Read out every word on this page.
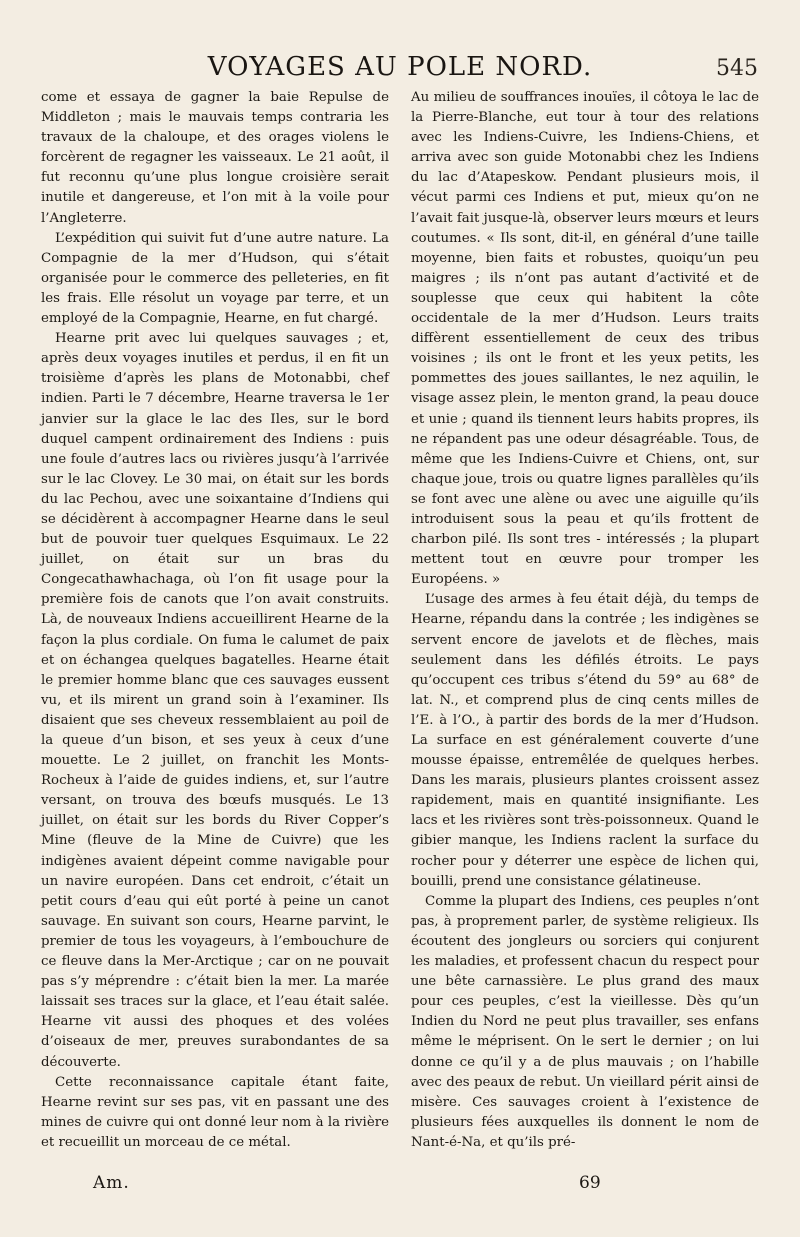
VOYAGES AU POLE NORD.	545

come et essaya de gagner la baie Repulse de Middleton ; mais le mauvais temps contraria les travaux de la chaloupe, et des orages violens le forcèrent de regagner les vaisseaux. Le 21 août, il fut reconnu qu’une plus longue croisière serait inutile et dangereuse, et l’on mit à la voile pour l’Angleterre.

L’expédition qui suivit fut d’une autre nature. La Compagnie de la mer d’Hudson, qui s’était organisée pour le commerce des pelleteries, en fit les frais. Elle résolut un voyage par terre, et un employé de la Compagnie, Hearne, en fut chargé.

Hearne prit avec lui quelques sauvages ; et, après deux voyages inutiles et perdus, il en fit un troisième d’après les plans de Motonabbi, chef indien. Parti le 7 décembre, Hearne traversa le 1er janvier sur la glace le lac des Iles, sur le bord duquel campent ordinairement des Indiens : puis une foule d’autres lacs ou rivières jusqu’à l’arrivée sur le lac Clovey. Le 30 mai, on était sur les bords du lac Pechou, avec une soixantaine d’Indiens qui se décidèrent à accompagner Hearne dans le seul but de pouvoir tuer quelques Esquimaux. Le 22 juillet, on était sur un bras du Congecathawhachaga, où l’on fit usage pour la première fois de canots que l’on avait construits. Là, de nouveaux Indiens accueillirent Hearne de la façon la plus cordiale. On fuma le calumet de paix et on échangea quelques bagatelles. Hearne était le premier homme blanc que ces sauvages eussent vu, et ils mirent un grand soin à l’examiner. Ils disaient que ses cheveux ressemblaient au poil de la queue d’un bison, et ses yeux à ceux d’une mouette. Le 2 juillet, on franchit les Monts-Rocheux à l’aide de guides indiens, et, sur l’autre versant, on trouva des bœufs musqués. Le 13 juillet, on était sur les bords du River Copper’s Mine (fleuve de la Mine de Cuivre) que les indigènes avaient dépeint comme navigable pour un navire européen. Dans cet endroit, c’était un petit cours d’eau qui eût porté à peine un canot sauvage. En suivant son cours, Hearne parvint, le premier de tous les voyageurs, à l’embouchure de ce fleuve dans la Mer-Arctique ; car on ne pouvait pas s’y méprendre : c’était bien la mer. La marée laissait ses traces sur la glace, et l’eau était salée. Hearne vit aussi des phoques et des volées d’oiseaux de mer, preuves surabondantes de sa découverte.

Cette reconnaissance capitale étant faite, Hearne revint sur ses pas, vit en passant une des mines de cuivre qui ont donné leur nom à la rivière et recueillit un morceau de ce métal.

Au milieu de souffrances inouïes, il côtoya le lac de la Pierre-Blanche, eut tour à tour des relations avec les Indiens-Cuivre, les Indiens-Chiens, et arriva avec son guide Motonabbi chez les Indiens du lac d’Atapeskow. Pendant plusieurs mois, il vécut parmi ces Indiens et put, mieux qu’on ne l’avait fait jusque-là, observer leurs mœurs et leurs coutumes. « Ils sont, dit-il, en général d’une taille moyenne, bien faits et robustes, quoiqu’un peu maigres ; ils n’ont pas autant d’activité et de souplesse que ceux qui habitent la côte occidentale de la mer d’Hudson. Leurs traits diffèrent essentiellement de ceux des tribus voisines ; ils ont le front et les yeux petits, les pommettes des joues saillantes, le nez aquilin, le visage assez plein, le menton grand, la peau douce et unie ; quand ils tiennent leurs habits propres, ils ne répandent pas une odeur désagréable. Tous, de même que les Indiens-Cuivre et Chiens, ont, sur chaque joue, trois ou quatre lignes parallèles qu’ils se font avec une alène ou avec une aiguille qu’ils introduisent sous la peau et qu’ils frottent de charbon pilé. Ils sont tres - intéressés ; la plupart mettent tout en œuvre pour tromper les Européens. »

L’usage des armes à feu était déjà, du temps de Hearne, répandu dans la contrée ; les indigènes se servent encore de javelots et de flèches, mais seulement dans les défilés étroits. Le pays qu’occupent ces tribus s’étend du 59° au 68° de lat. N., et comprend plus de cinq cents milles de l’E. à l’O., à partir des bords de la mer d’Hudson. La surface en est généralement couverte d’une mousse épaisse, entremêlée de quelques herbes. Dans les marais, plusieurs plantes croissent assez rapidement, mais en quantité insignifiante. Les lacs et les rivières sont très-poissonneux. Quand le gibier manque, les Indiens raclent la surface du rocher pour y déterrer une espèce de lichen qui, bouilli, prend une consistance gélatineuse.

Comme la plupart des Indiens, ces peuples n’ont pas, à proprement parler, de système religieux. Ils écoutent des jongleurs ou sorciers qui conjurent les maladies, et professent chacun du respect pour une bête carnassière. Le plus grand des maux pour ces peuples, c’est la vieillesse. Dès qu’un Indien du Nord ne peut plus travailler, ses enfans même le méprisent. On le sert le dernier ; on lui donne ce qu’il y a de plus mauvais ; on l’habille avec des peaux de rebut. Un vieillard périt ainsi de misère. Ces sauvages croient à l’existence de plusieurs fées auxquelles ils donnent le nom de Nant-é-Na, et qu’ils pré-

Am.	69
